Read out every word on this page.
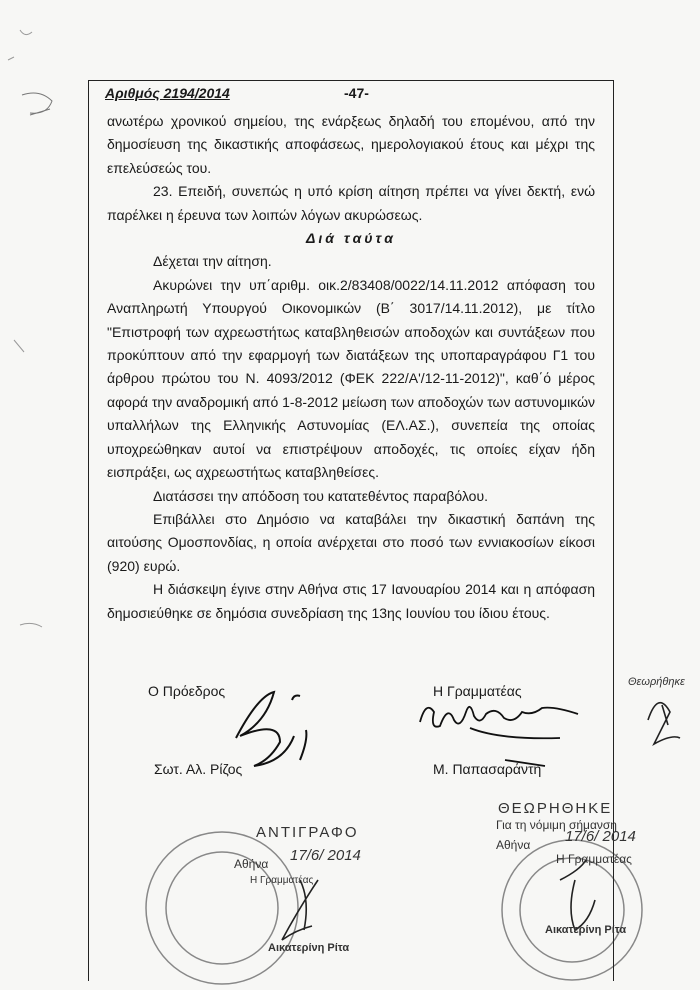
Αριθμός 2194/2014	-47-

ανωτέρω χρονικού σημείου, της ενάρξεως δηλαδή του επομένου, από την δημοσίευση της δικαστικής αποφάσεως, ημερολογιακού έτους και μέχρι της επελεύσεώς του.

23. Επειδή, συνεπώς η υπό κρίση αίτηση πρέπει να γίνει δεκτή, ενώ παρέλκει η έρευνα των λοιπών λόγων ακυρώσεως.

Διά ταύτα

Δέχεται την αίτηση.

Ακυρώνει την υπ΄αριθμ. οικ.2/83408/0022/14.11.2012 απόφαση του Αναπληρωτή Υπουργού Οικονομικών (Β΄ 3017/14.11.2012), με τίτλο "Επιστροφή των αχρεωστήτως καταβληθεισών αποδοχών και συντάξεων που προκύπτουν από την εφαρμογή των διατάξεων της υποπαραγράφου Γ1 του άρθρου πρώτου του Ν. 4093/2012 (ΦΕΚ 222/Α'/12-11-2012)", καθ΄ό μέρος αφορά την αναδρομική από 1-8-2012 μείωση των αποδοχών των αστυνομικών υπαλλήλων της Ελληνικής Αστυνομίας (ΕΛ.ΑΣ.), συνεπεία της οποίας υποχρεώθηκαν αυτοί να επιστρέψουν αποδοχές, τις οποίες είχαν ήδη εισπράξει, ως αχρεωστήτως καταβληθείσες.

Διατάσσει την απόδοση του κατατεθέντος παραβόλου.

Επιβάλλει στο Δημόσιο να καταβάλει την δικαστική δαπάνη της αιτούσης Ομοσπονδίας, η οποία ανέρχεται στο ποσό των εννιακοσίων είκοσι (920) ευρώ.

Η διάσκεψη έγινε στην Αθήνα στις 17 Ιανουαρίου 2014 και η απόφαση δημοσιεύθηκε σε δημόσια συνεδρίαση της 13ης Ιουνίου του ίδιου έτους.

Ο Πρόεδρος
Σωτ. Αλ. Ρίζος
Η Γραμματέας
Μ. Παπασαράντη
ΑΝΤΙΓΡΑΦΟ
Αθήνα 17/6/ 2014
Η Γραμματέας
Αικατερίνη Ρίτα
ΘΕΩΡΗΘΗΚΕ
Για τη νόμιμη σήμανση
Αθήνα 17/6/ 2014
Η Γραμματέας
Αικατερίνη Ρίτα
Θεωρήθηκε
